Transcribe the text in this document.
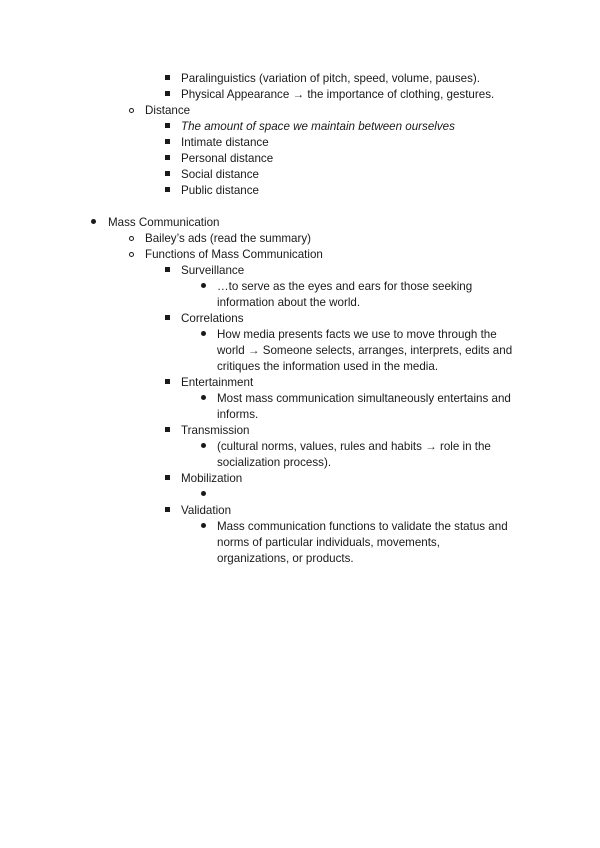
Paralinguistics (variation of pitch, speed, volume, pauses).
Physical Appearance → the importance of clothing, gestures.
Distance
The amount of space we maintain between ourselves
Intimate distance
Personal distance
Social distance
Public distance
Mass Communication
Bailey’s ads (read the summary)
Functions of Mass Communication
Surveillance
…to serve as the eyes and ears for those seeking
information about the world.
Correlations
How media presents facts we use to move through the
world → Someone selects, arranges, interprets, edits and
critiques the information used in the media.
Entertainment
Most mass communication simultaneously entertains and
informs.
Transmission
(cultural norms, values, rules and habits → role in the
socialization process).
Mobilization
Validation
Mass communication functions to validate the status and
norms of particular individuals, movements,
organizations, or products.
